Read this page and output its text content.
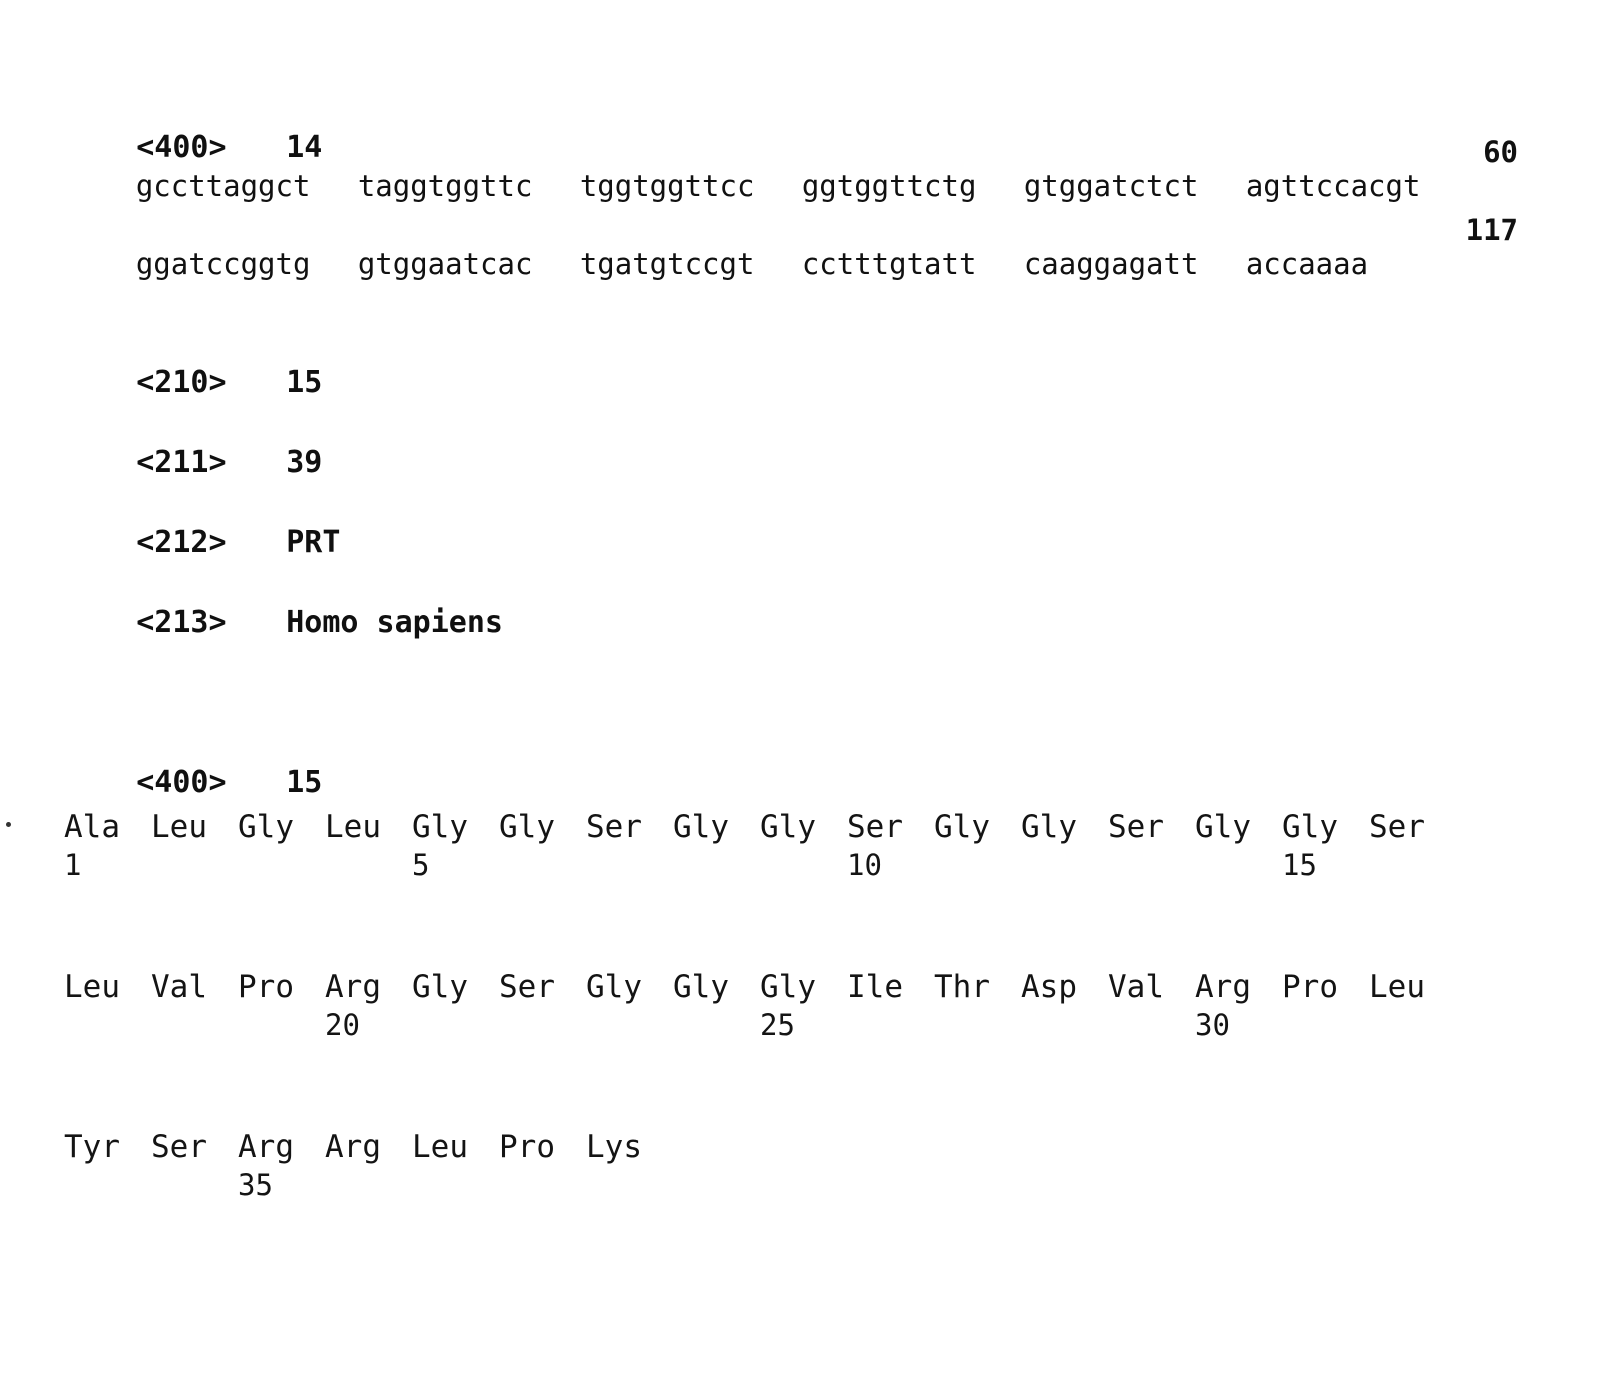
<400> 14

gccttaggct taggtggttc tggtggttcc ggtggttctg gtggatctct agttccacgt

60

ggatccggtg gtggaatcac tgatgtccgt cctttgtatt caaggagatt accaaaa

117

<210> 15

<211> 39

<212> PRT

<213> Homo sapiens

<400> 15

Ala Leu Gly Leu Gly Gly Ser Gly Gly Ser Gly Gly Ser Gly Gly Ser
1	5	10	15
Leu Val Pro Arg Gly Ser Gly Gly Gly Ile Thr Asp Val Arg Pro Leu
20	25	30
Tyr Ser Arg Arg Leu Pro Lys
35
